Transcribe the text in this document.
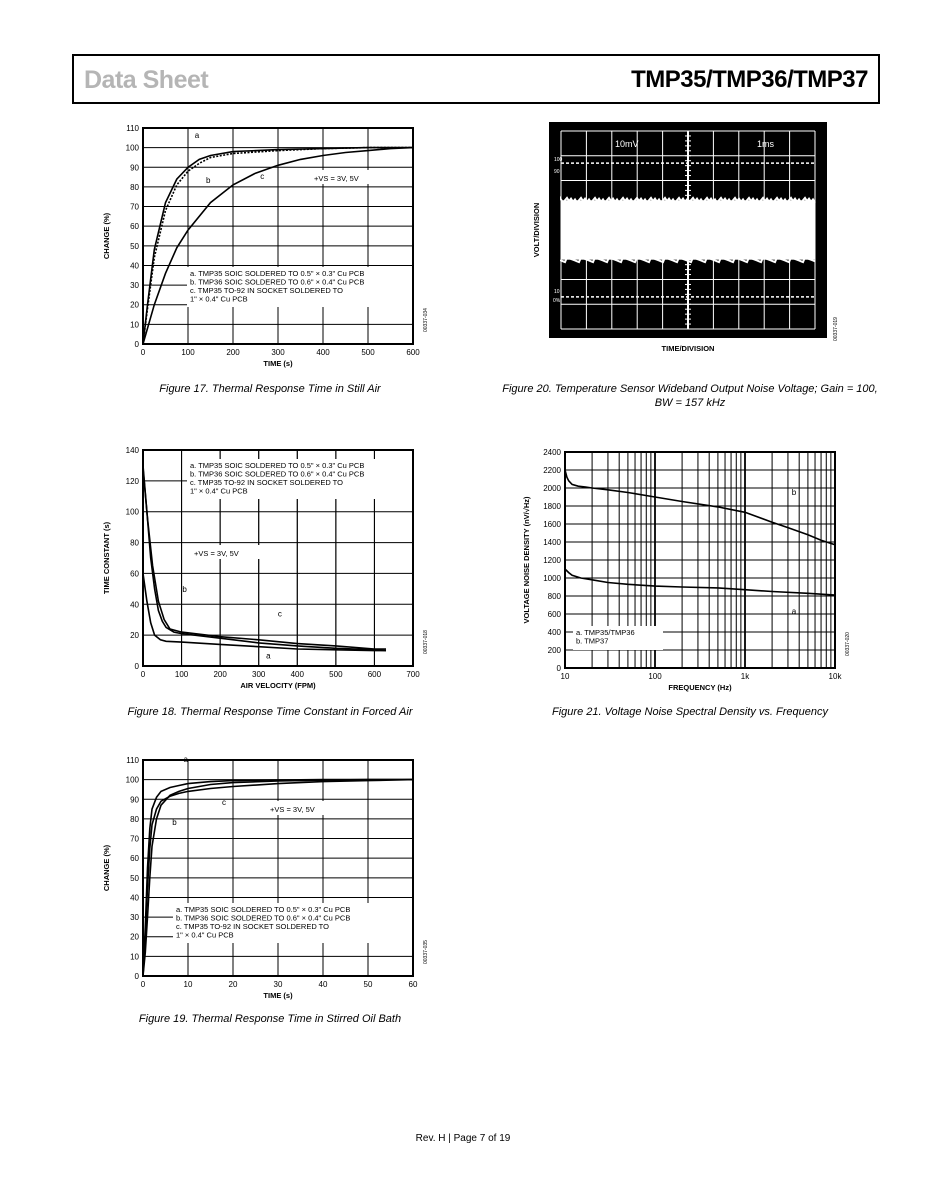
Data Sheet	TMP35/TMP36/TMP37
0	100	200	300	400	500	600
0
10
20
30
40
50
60
70
80
90
100
110
TIME (s)
CHANGE (%)
00337-034
a
b	c	+VS = 3V, 5V
a. TMP35 SOIC SOLDERED TO 0.5" × 0.3" Cu PCB
b. TMP36 SOIC SOLDERED TO 0.6" × 0.4" Cu PCB
c. TMP35 TO-92 IN SOCKET SOLDERED TO
1" × 0.4" Cu PCB
Figure 17. Thermal Response Time in Still Air
0	100	200	300	400	500	600	700
0
20
40
60
80
100
120
140
AIR VELOCITY (FPM)
TIME CONSTANT (s)
00337-018
a
b
c
+VS = 3V, 5V
a. TMP35 SOIC SOLDERED TO 0.5" × 0.3" Cu PCB
b. TMP36 SOIC SOLDERED TO 0.6" × 0.4" Cu PCB
c. TMP35 TO-92 IN SOCKET SOLDERED TO
1" × 0.4" Cu PCB
Figure 18. Thermal Response Time Constant in Forced Air
0	10	20	30	40	50	60
0
10
20
30
40
50
60
70
80
90
100
110
TIME (s)
CHANGE (%)
00337-035
a
b
c
+VS = 3V, 5V
a. TMP35 SOIC SOLDERED TO 0.5" × 0.3" Cu PCB
b. TMP36 SOIC SOLDERED TO 0.6" × 0.4" Cu PCB
c. TMP35 TO-92 IN SOCKET SOLDERED TO
1" × 0.4" Cu PCB
Figure 19. Thermal Response Time in Stirred Oil Bath
10mV	1ms
100
90
10
0%
TIME/DIVISION
VOLT/DIVISION
00337-019
Figure 20. Temperature Sensor Wideband Output Noise Voltage; Gain = 100, BW = 157 kHz
10	100	1k	10k
0
200
400
600
800
1000
1200
1400
1600
1800
2000
2200
2400
FREQUENCY (Hz)
VOLTAGE NOISE DENSITY (nV/√Hz)
00337-020
a
b
a. TMP35/TMP36
b. TMP37
Figure 21. Voltage Noise Spectral Density vs. Frequency
Rev. H | Page 7 of 19
